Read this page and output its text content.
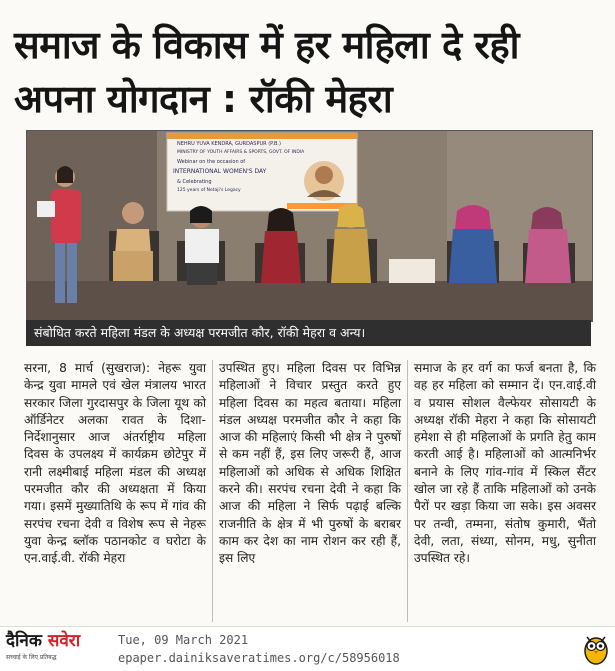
समाज के विकास में हर महिला दे रही अपना योगदान : रॉकी मेहरा
NEHRU YUVA KENDRA, GURDASPUR (P.B.)
MINISTRY OF YOUTH AFFAIRS & SPORTS, GOVT. OF INDIA
Webinar on the occasion of
INTERNATIONAL WOMEN'S DAY
& Celebrating
125 years of Netaji's Legacy
संबोधित करते महिला मंडल के अध्यक्ष परमजीत कौर, रॉकी मेहरा व अन्य।

सरना, 8 मार्च (सुखराज): नेहरू युवा केन्द्र युवा मामले एवं खेल मंत्रालय भारत सरकार जिला गुरदासपुर के जिला यूथ को ऑर्डिनेटर अलका रावत के दिशा-निर्देशानुसार आज अंतर्राष्ट्रीय महिला दिवस के उपलक्ष्य में कार्यक्रम छोटेपुर में रानी लक्ष्मीबाई महिला मंडल की अध्यक्ष परमजीत कौर की अध्यक्षता में किया गया। इसमें मुख्यातिथि के रूप में गांव की सरपंच रचना देवी व विशेष रूप से नेहरू युवा केन्द्र ब्लॉक पठानकोट व घरोटा के एन.वाई.वी. रॉकी मेहरा

उपस्थित हुए। महिला दिवस पर विभिन्न महिलाओं ने विचार प्रस्तुत करते हुए महिला दिवस का महत्व बताया। महिला मंडल अध्यक्ष परमजीत कौर ने कहा कि आज की महिलाएं किसी भी क्षेत्र ने पुरुषों से कम नहीं हैं, इस लिए जरूरी हैं, आज महिलाओं को अधिक से अधिक शिक्षित करने की। सरपंच रचना देवी ने कहा कि आज की महिला ने सिर्फ पढ़ाई बल्कि राजनीति के क्षेत्र में भी पुरुषों के बराबर काम कर देश का नाम रोशन कर रही हैं, इस लिए

समाज के हर वर्ग का फर्ज बनता है, कि वह हर महिला को सम्मान दें। एन.वाई.वी व प्रयास सोशल वैल्फेयर सोसायटी के अध्यक्ष रॉकी मेहरा ने कहा कि सोसायटी हमेशा से ही महिलाओं के प्रगति हेतु काम करती आई है। महिलाओं को आत्मनिर्भर बनाने के लिए गांव-गांव में स्किल सैंटर खोल जा रहे हैं ताकि महिलाओं को उनके पैरों पर खड़ा किया जा सके। इस अवसर पर तन्वी, तम्मना, संतोष कुमारी, भैंतो देवी, लता, संध्या, सोनम, मधु, सुनीता उपस्थित रहे।

दैनिक सवेरा
सच्चाई के लिए प्रतिबद्ध
Tue, 09 March 2021
epaper.dainiksaveratimes.org/c/58956018
